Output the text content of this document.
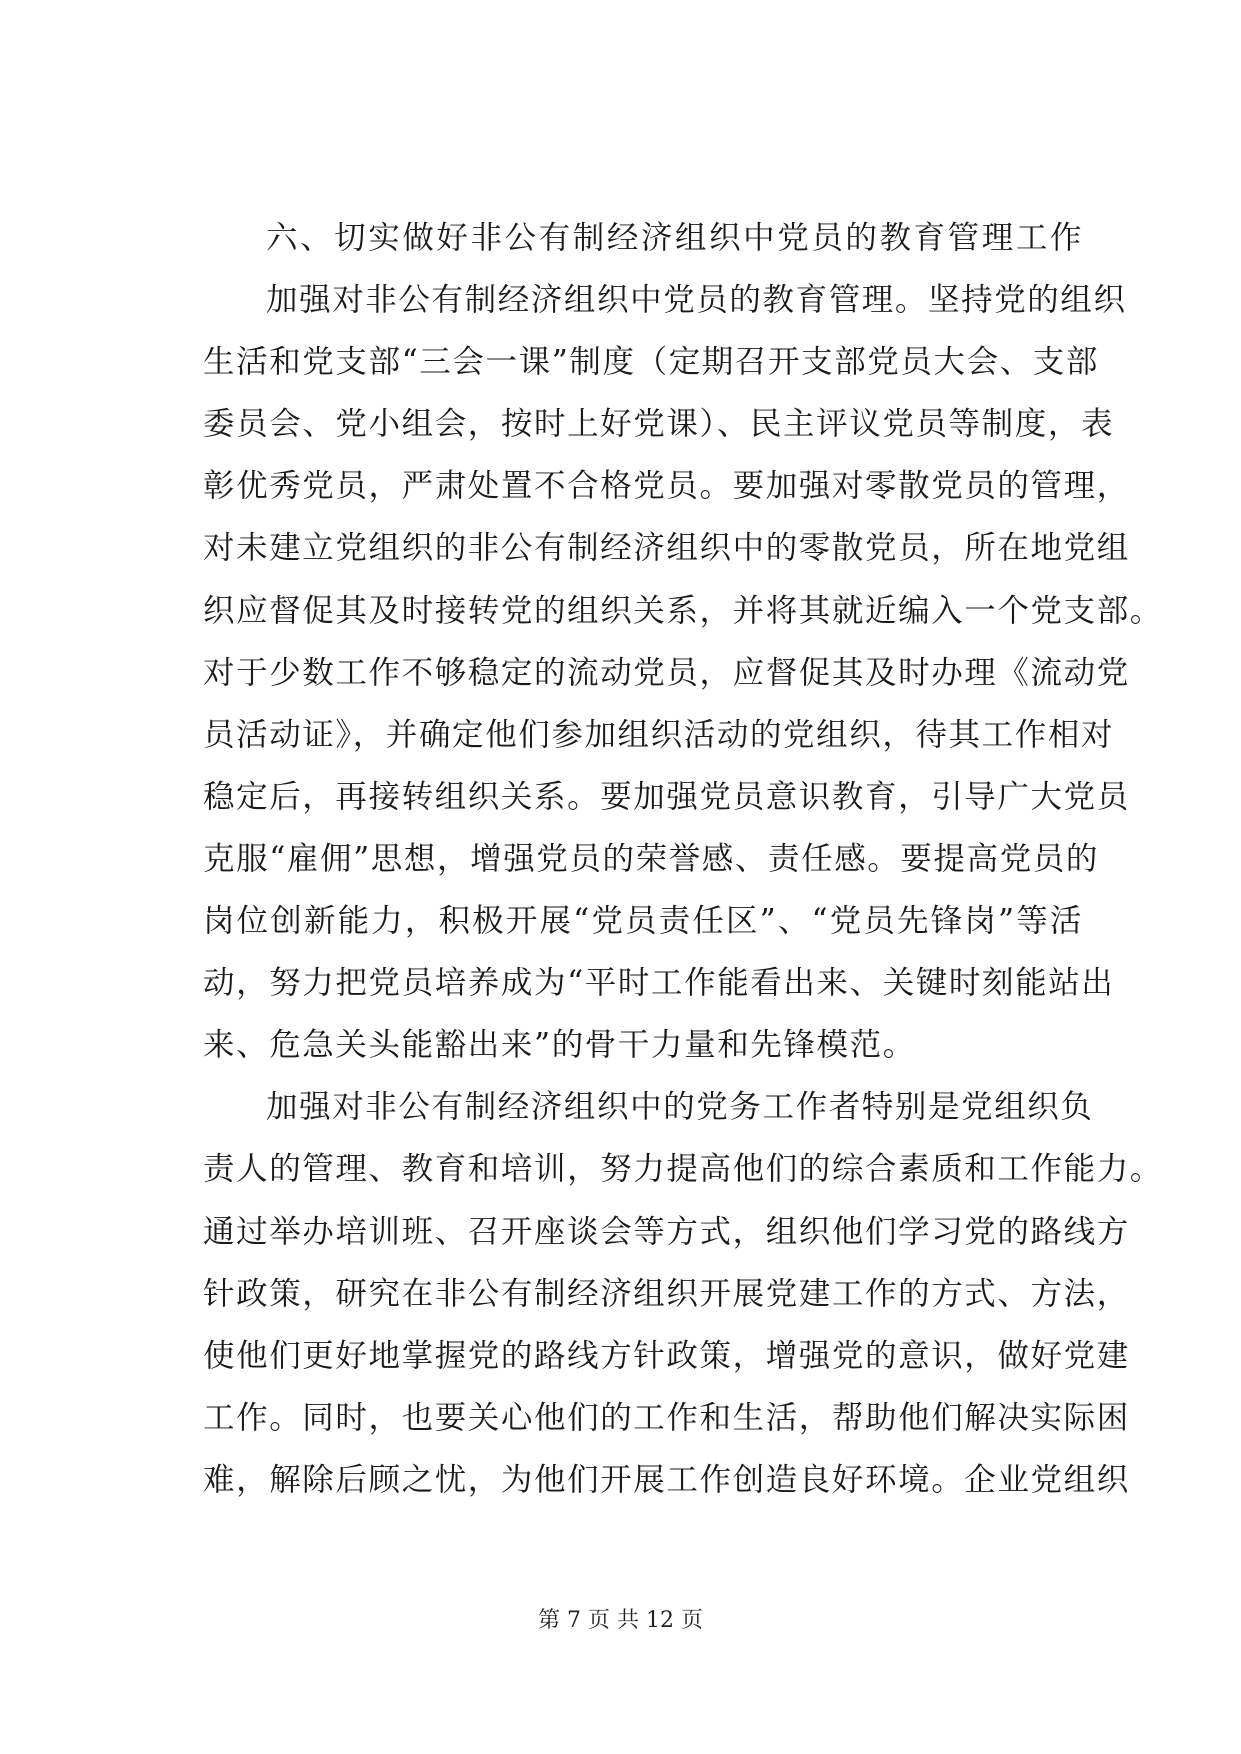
六、切实做好非公有制经济组织中党员的教育管理工作
加强对非公有制经济组织中党员的教育管理。坚持党的组织
生活和党支部“三会一课”制度（定期召开支部党员大会、支部
委员会、党小组会，按时上好党课）、民主评议党员等制度，表
彰优秀党员，严肃处置不合格党员。要加强对零散党员的管理，
对未建立党组织的非公有制经济组织中的零散党员，所在地党组
织应督促其及时接转党的组织关系，并将其就近编入一个党支部。
对于少数工作不够稳定的流动党员，应督促其及时办理《流动党
员活动证》，并确定他们参加组织活动的党组织，待其工作相对
稳定后，再接转组织关系。要加强党员意识教育，引导广大党员
克服“雇佣”思想，增强党员的荣誉感、责任感。要提高党员的
岗位创新能力，积极开展“党员责任区”、“党员先锋岗”等活
动，努力把党员培养成为“平时工作能看出来、关键时刻能站出
来、危急关头能豁出来”的骨干力量和先锋模范。
加强对非公有制经济组织中的党务工作者特别是党组织负
责人的管理、教育和培训，努力提高他们的综合素质和工作能力。
通过举办培训班、召开座谈会等方式，组织他们学习党的路线方
针政策，研究在非公有制经济组织开展党建工作的方式、方法，
使他们更好地掌握党的路线方针政策，增强党的意识，做好党建
工作。同时，也要关心他们的工作和生活，帮助他们解决实际困
难，解除后顾之忧，为他们开展工作创造良好环境。企业党组织
第 7 页 共 12 页
